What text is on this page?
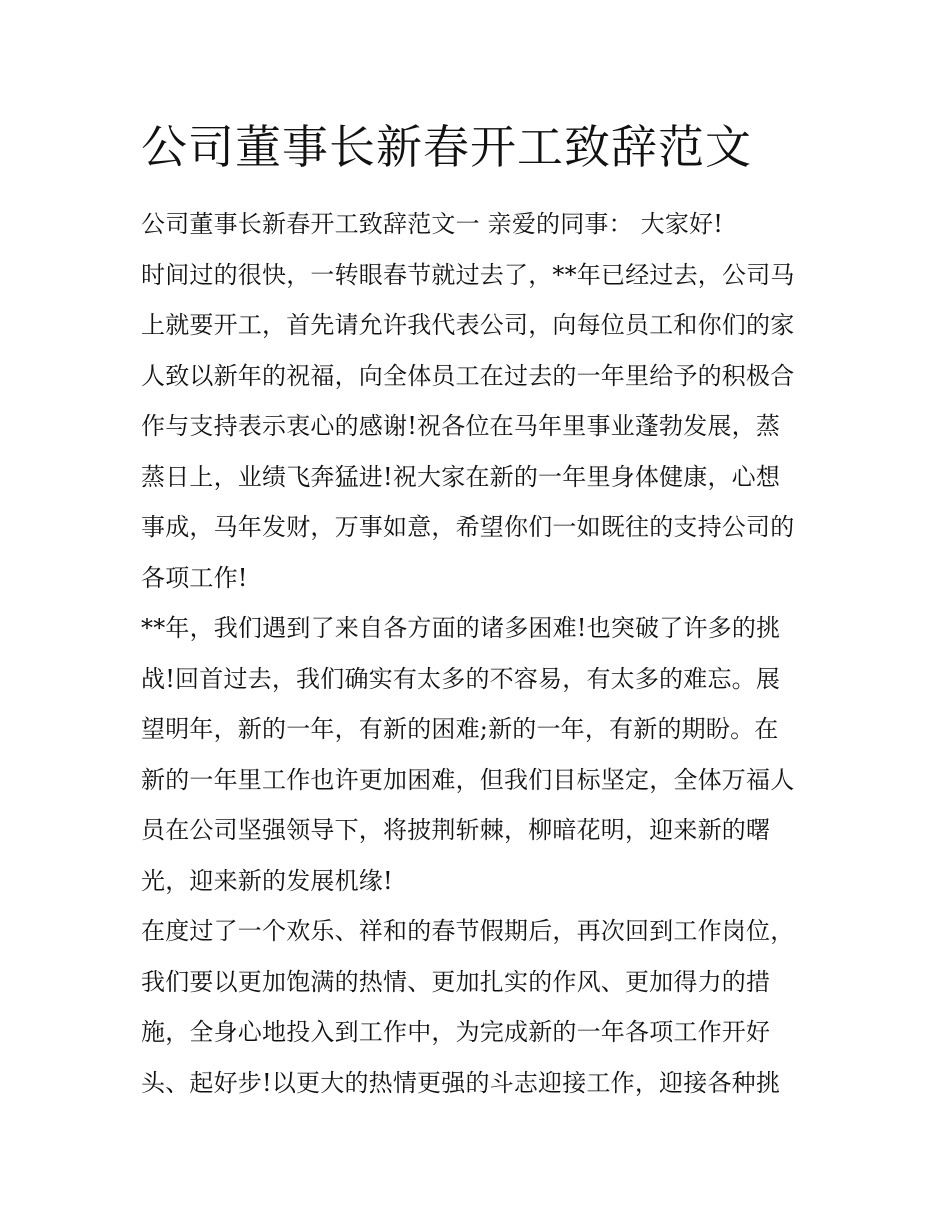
公司董事长新春开工致辞范文

公司董事长新春开工致辞范文一 亲爱的同事： 大家好!

时间过的很快，一转眼春节就过去了，**年已经过去，公司马

上就要开工，首先请允许我代表公司，向每位员工和你们的家

人致以新年的祝福，向全体员工在过去的一年里给予的积极合

作与支持表示衷心的感谢!祝各位在马年里事业蓬勃发展，蒸

蒸日上，业绩飞奔猛进!祝大家在新的一年里身体健康，心想

事成，马年发财，万事如意，希望你们一如既往的支持公司的

各项工作!

**年，我们遇到了来自各方面的诸多困难!也突破了许多的挑

战!回首过去，我们确实有太多的不容易，有太多的难忘。展

望明年，新的一年，有新的困难;新的一年，有新的期盼。在

新的一年里工作也许更加困难，但我们目标坚定，全体万福人

员在公司坚强领导下，将披荆斩棘，柳暗花明，迎来新的曙

光，迎来新的发展机缘!

在度过了一个欢乐、祥和的春节假期后，再次回到工作岗位，

我们要以更加饱满的热情、更加扎实的作风、更加得力的措

施，全身心地投入到工作中，为完成新的一年各项工作开好

头、起好步!以更大的热情更强的斗志迎接工作，迎接各种挑
